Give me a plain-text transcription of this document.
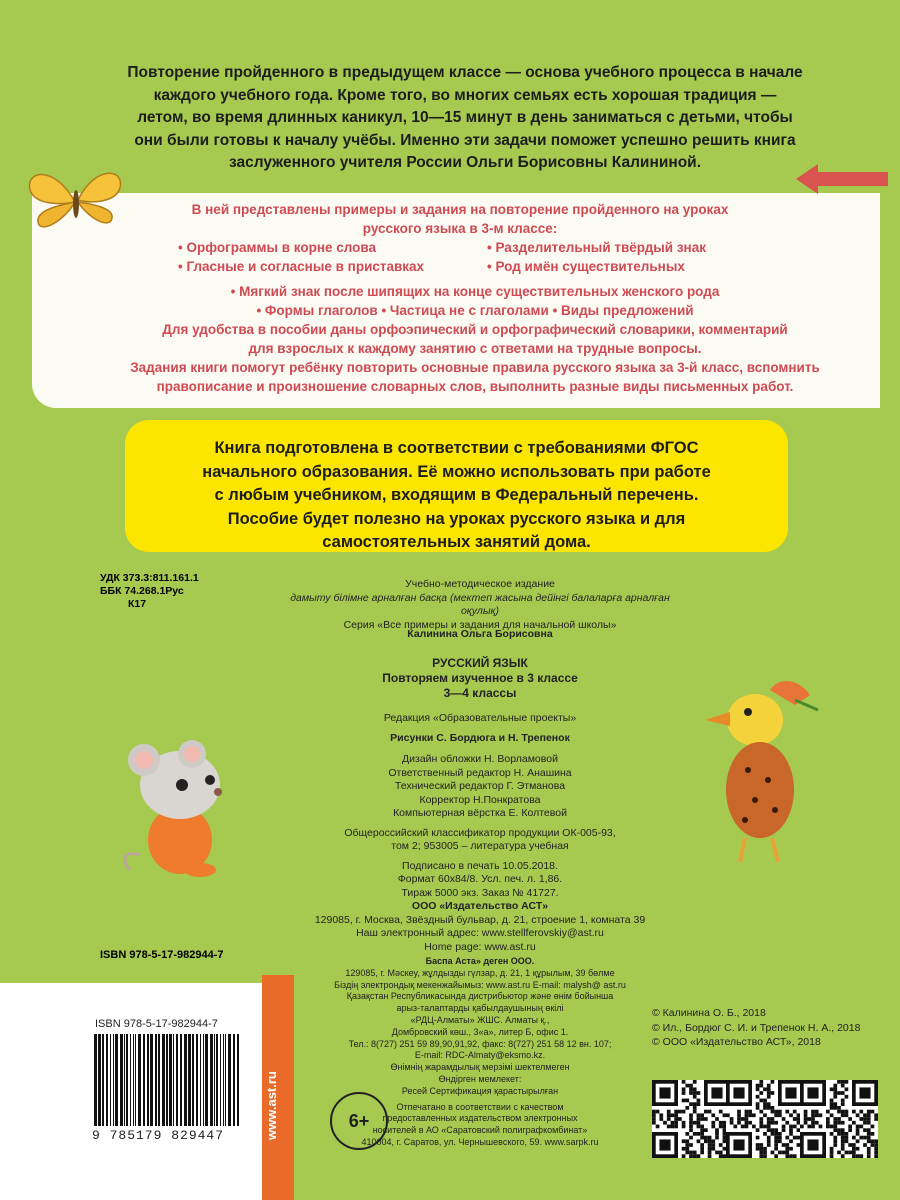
Повторение пройденного в предыдущем классе — основа учебного процесса в начале
каждого учебного года. Кроме того, во многих семьях есть хорошая традиция —
летом, во время длинных каникул, 10—15 минут в день заниматься с детьми, чтобы
они были готовы к началу учёбы. Именно эти задачи поможет успешно решить книга
заслуженного учителя России Ольги Борисовны Калининой.
В ней представлены примеры и задания на повторение пройденного на уроках
русского языка в 3-м классе:
• Орфограммы в корне слова
• Гласные и согласные в приставках
• Разделительный твёрдый знак
• Род имён существительных
• Мягкий знак после шипящих на конце существительных женского рода
• Формы глаголов • Частица не с глаголами • Виды предложений
Для удобства в пособии даны орфоэпический и орфографический словарики, комментарий
для взрослых к каждому занятию с ответами на трудные вопросы.
Задания книги помогут ребёнку повторить основные правила русского языка за 3-й класс, вспомнить
правописание и произношение словарных слов, выполнить разные виды письменных работ.
Книга подготовлена в соответствии с требованиями ФГОС
начального образования. Её можно использовать при работе
с любым учебником, входящим в Федеральный перечень.
Пособие будет полезно на уроках русского языка и для
самостоятельных занятий дома.
УДК 373.3:811.161.1
ББК 74.268.1Рус
К17
Учебно-методическое издание
дамыту білімне арналған басқа (мектеп жасына дейінгі балаларға арналған оқулық)
Серия «Все примеры и задания для начальной школы»
Калинина Ольга Борисовна
РУССКИЙ ЯЗЫК
Повторяем изученное в 3 классе
3—4 классы
Редакция «Образовательные проекты»
Рисунки С. Бордюга и Н. Трепенок
Дизайн обложки Н. Ворламовой
Ответственный редактор Н. Анашина
Технический редактор Г. Этманова
Корректор Н.Понкратова
Компьютерная вёрстка Е. Колтевой
Общероссийский классификатор продукции ОК-005-93,
том 2; 953005 – литература учебная
Подписано в печать 10.05.2018.
Формат 60x84/8. Усл. печ. л. 1,86.
Тираж 5000 экз. Заказ № 41727.
ООО «Издательство АСТ»
129085, г. Москва, Звёздный бульвар, д. 21, строение 1, комната 39
Наш электронный адрес: www.stellferovskiy@ast.ru
Home page: www.ast.ru
ISBN 978-5-17-982944-7	Баспа Аста» деген ООО.
129085, г. Мәскеу, жұлдызды гүлзар, д. 21, 1 құрылым, 39 бөлме
Біздің электрондық мекенжайымыз: www.ast.ru E-mail: malysh@ ast.ru
Қазақстан Республикасында дистрибьютор және өнім бойынша
арыз-талаптарды қабылдаушының өкілі
«РДЦ-Алматы» ЖШС. Алматы қ.,
Домбровский көш., 3«а», литер Б, офис 1.
Тел.: 8(727) 251 59 89,90,91,92, факс: 8(727) 251 58 12 вн. 107;
E-mail: RDC-Almaty@eksmo.kz.
Өнімнің жарамдылық мерзімі шектелмеген
Өндірген мемлекет:
Ресей Сертификация қарастырылған
Отпечатано в соответствии с качеством
предоставленных издательством электронных
носителей в АО «Саратовский полиграфкомбинат»
410004, г. Саратов, ул. Чернышевского, 59. www.sarpk.ru
ISBN 978-5-17-982944-7
9 785179 829447	www.ast.ru	6+
© Калинина О. Б., 2018
© Ил., Бордюг С. И. и Трепенок Н. А., 2018
© ООО «Издательство АСТ», 2018
